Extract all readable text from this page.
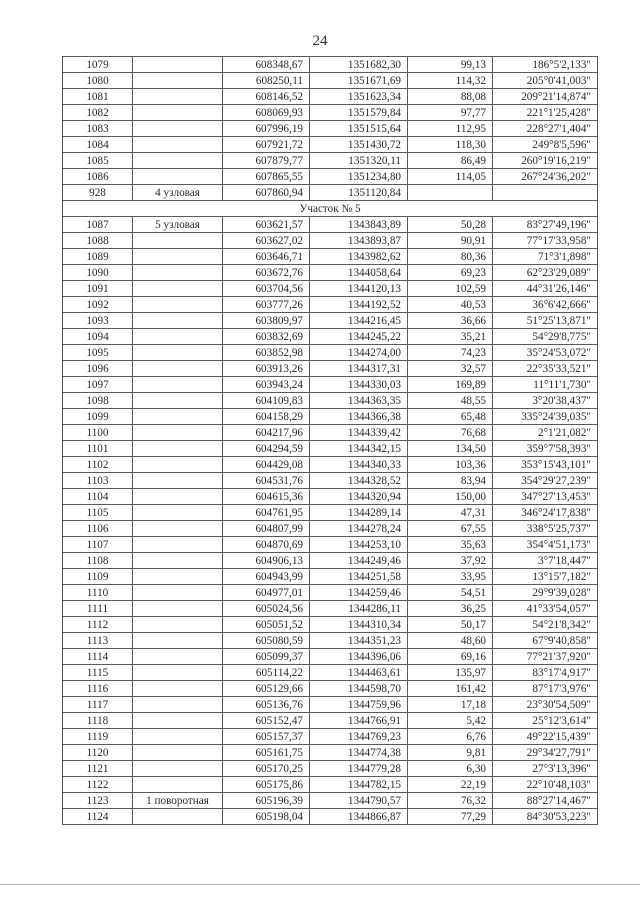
24
1079		608348,67	1351682,30	99,13	186°5'2,133"
1080		608250,11	1351671,69	114,32	205°0'41,003"
1081		608146,52	1351623,34	88,08	209°21'14,874"
1082		608069,93	1351579,84	97,77	221°1'25,428"
1083		607996,19	1351515,64	112,95	228°27'1,404"
1084		607921,72	1351430,72	118,30	249°8'5,596"
1085		607879,77	1351320,11	86,49	260°19'16,219"
1086		607865,55	1351234,80	114,05	267°24'36,202"
928	4 узловая	607860,94	1351120,84		
Участок № 5					
1087	5 узловая	603621,57	1343843,89	50,28	83°27'49,196"
1088		603627,02	1343893,87	90,91	77°17'33,958"
1089		603646,71	1343982,62	80,36	71°3'1,898"
1090		603672,76	1344058,64	69,23	62°23'29,089"
1091		603704,56	1344120,13	102,59	44°31'26,146"
1092		603777,26	1344192,52	40,53	36°6'42,666"
1093		603809,97	1344216,45	36,66	51°25'13,871"
1094		603832,69	1344245,22	35,21	54°29'8,775"
1095		603852,98	1344274,00	74,23	35°24'53,072"
1096		603913,26	1344317,31	32,57	22°35'33,521"
1097		603943,24	1344330,03	169,89	11°11'1,730"
1098		604109,83	1344363,35	48,55	3°20'38,437"
1099		604158,29	1344366,38	65,48	335°24'39,035"
1100		604217,96	1344339,42	76,68	2°1'21,082"
1101		604294,59	1344342,15	134,50	359°7'58,393"
1102		604429,08	1344340,33	103,36	353°15'43,101"
1103		604531,76	1344328,52	83,94	354°29'27,239"
1104		604615,36	1344320,94	150,00	347°27'13,453"
1105		604761,95	1344289,14	47,31	346°24'17,838"
1106		604807,99	1344278,24	67,55	338°5'25,737"
1107		604870,69	1344253,10	35,63	354°4'51,173"
1108		604906,13	1344249,46	37,92	3°7'18,447"
1109		604943,99	1344251,58	33,95	13°15'7,182"
1110		604977,01	1344259,46	54,51	29°9'39,028"
1111		605024,56	1344286,11	36,25	41°33'54,057"
1112		605051,52	1344310,34	50,17	54°21'8,342"
1113		605080,59	1344351,23	48,60	67°9'40,858"
1114		605099,37	1344396,06	69,16	77°21'37,920"
1115		605114,22	1344463,61	135,97	83°17'4,917"
1116		605129,66	1344598,70	161,42	87°17'3,976"
1117		605136,76	1344759,96	17,18	23°30'54,509"
1118		605152,47	1344766,91	5,42	25°12'3,614"
1119		605157,37	1344769,23	6,76	49°22'15,439"
1120		605161,75	1344774,38	9,81	29°34'27,791"
1121		605170,25	1344779,28	6,30	27°3'13,396"
1122		605175,86	1344782,15	22,19	22°10'48,103"
1123	1 поворотная	605196,39	1344790,57	76,32	88°27'14,467"
1124		605198,04	1344866,87	77,29	84°30'53,223"
